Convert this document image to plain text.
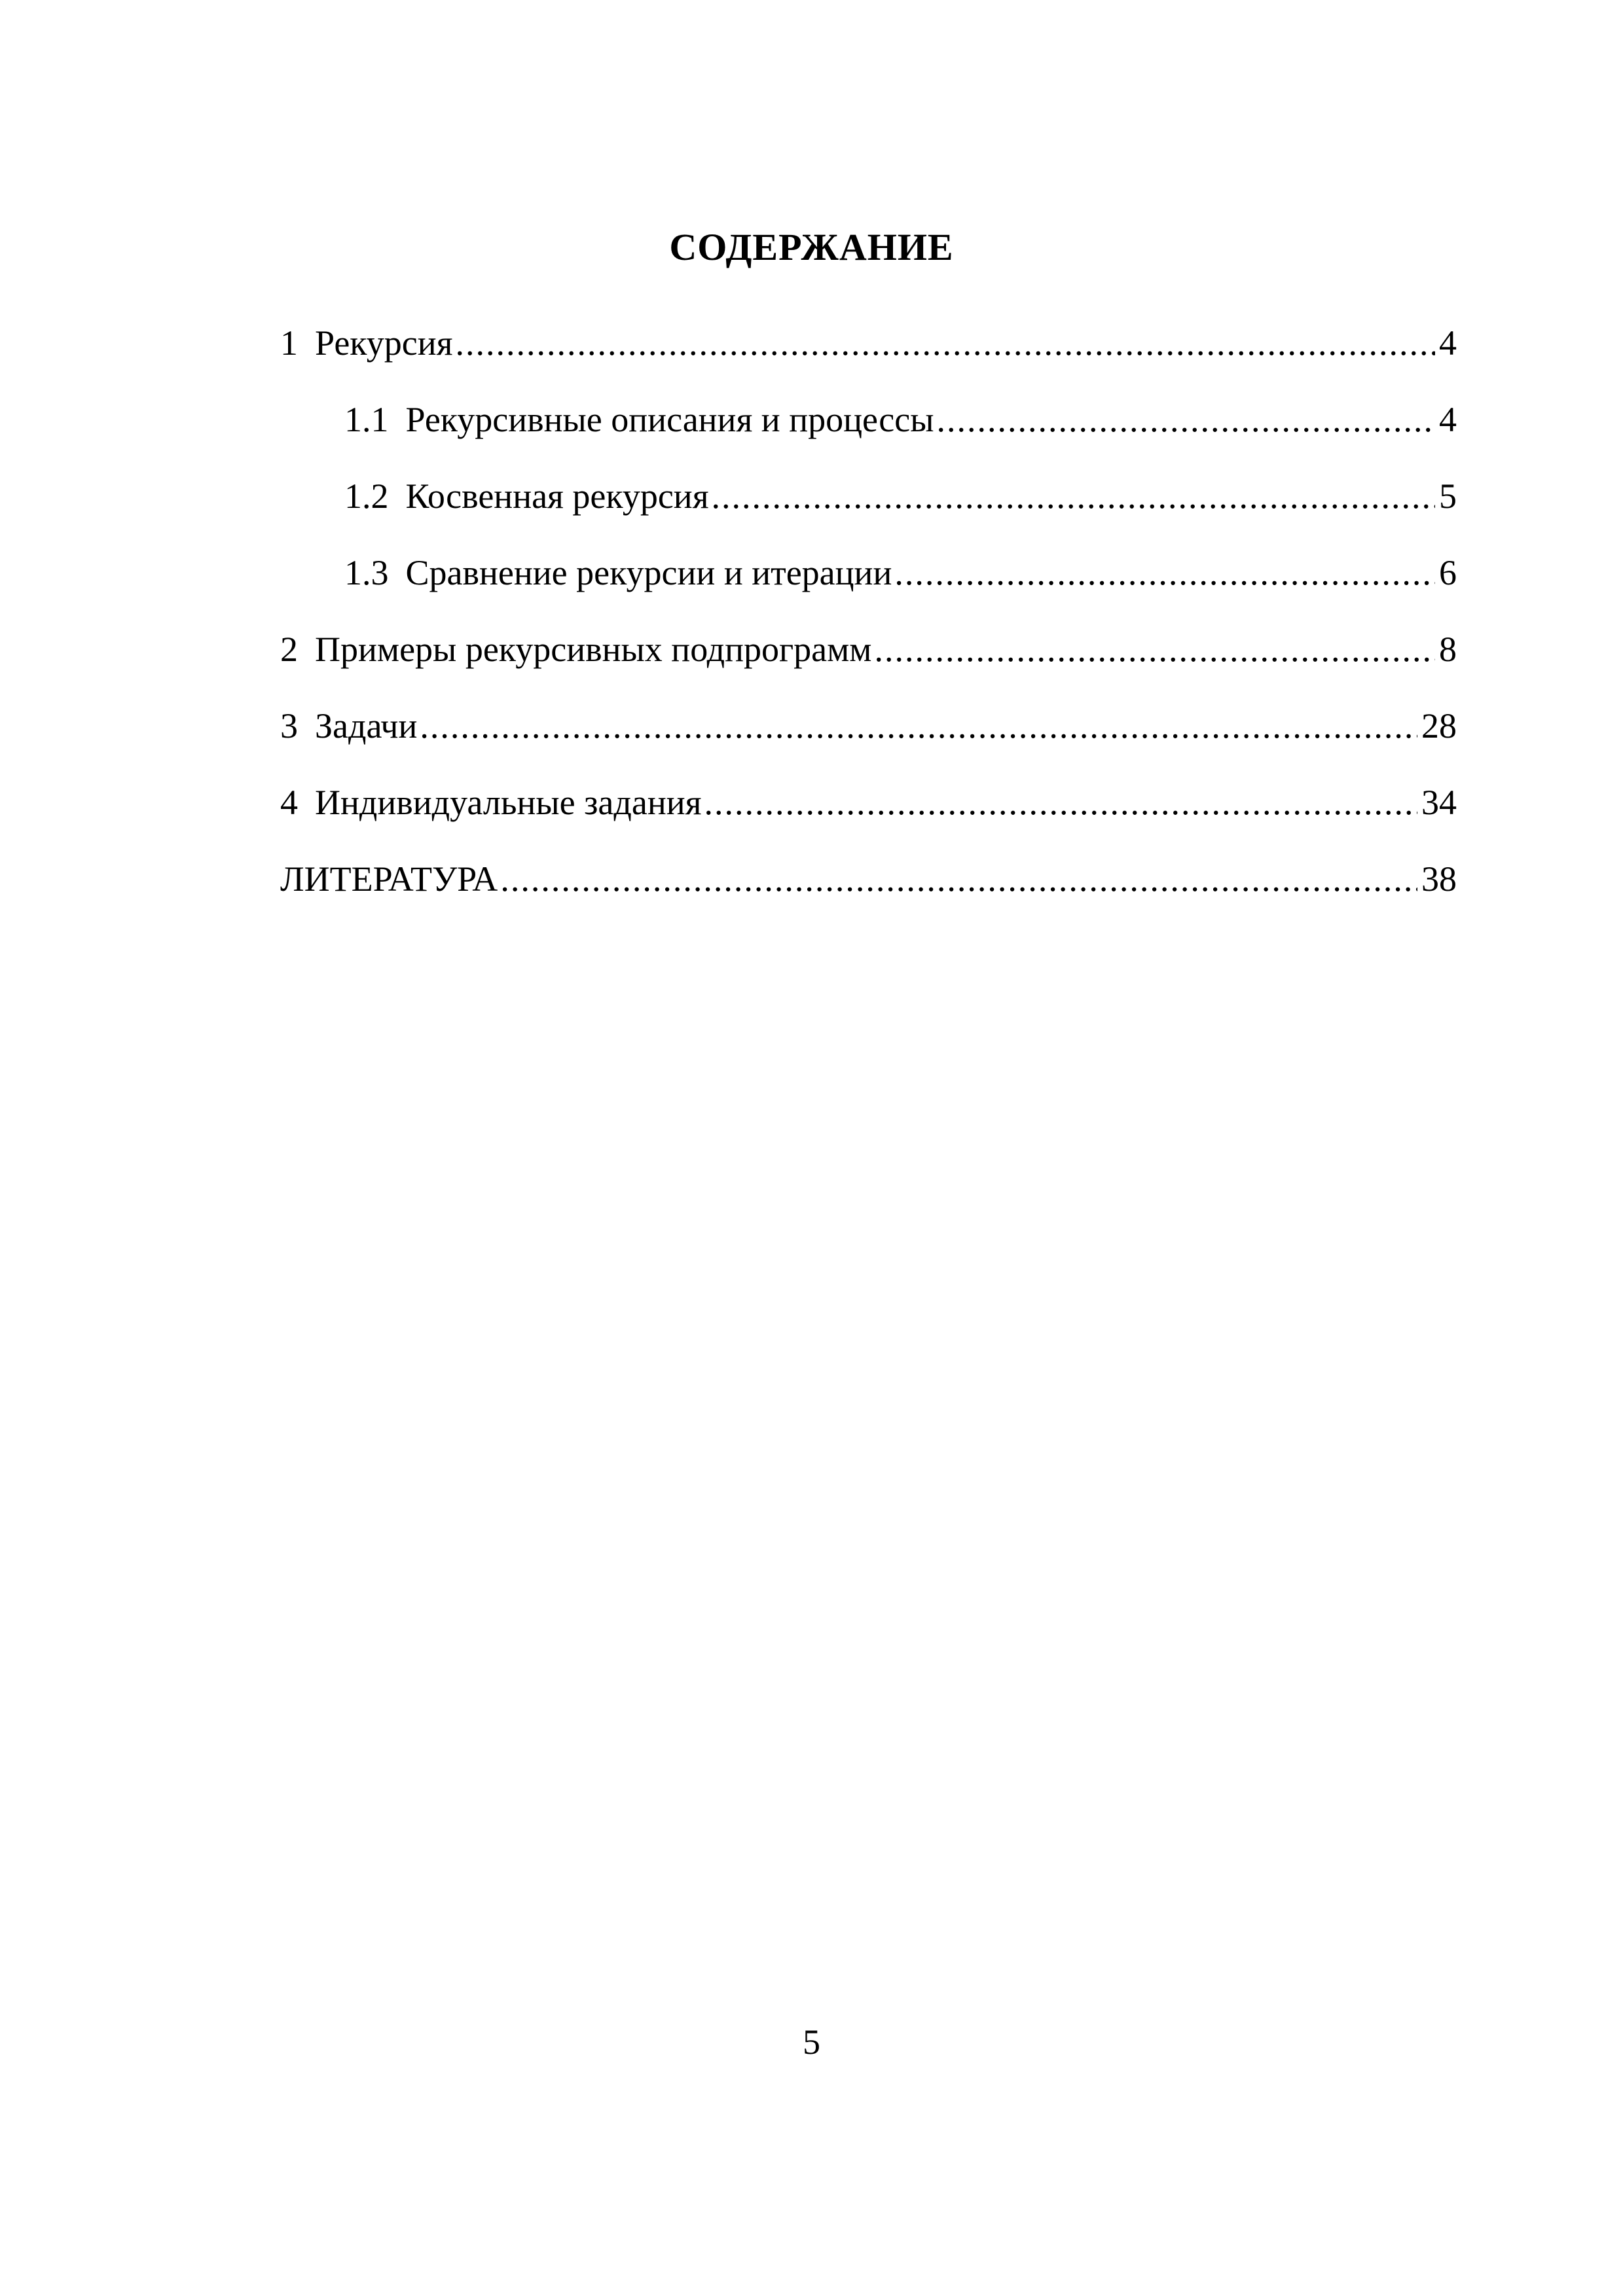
СОДЕРЖАНИЕ
1 Рекурсия .....	4
1.1 Рекурсивные описания и процессы .....	4
1.2 Косвенная рекурсия .....	5
1.3 Сравнение рекурсии и итерации .....	6
2 Примеры рекурсивных подпрограмм .....	8
3 Задачи .....	28
4 Индивидуальные задания .....	34
ЛИТЕРАТУРА .....	38
5
